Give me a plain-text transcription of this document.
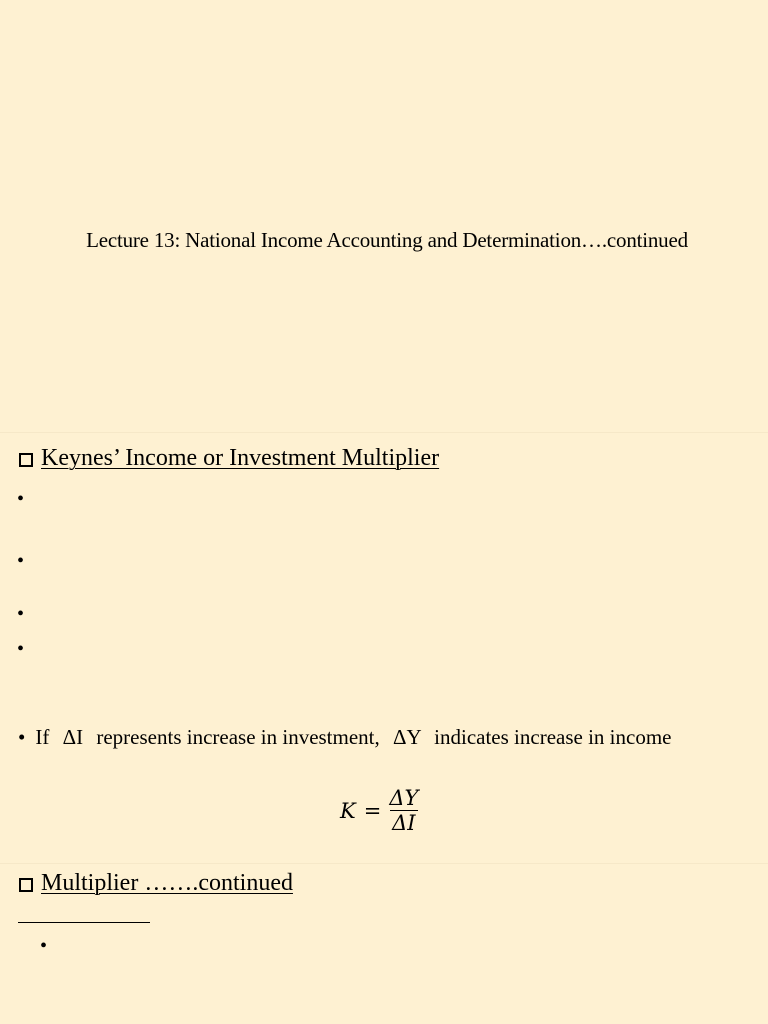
Lecture 13: National Income Accounting and Determination….continued
Keynes’ Income or Investment Multiplier
•
•
•
•
• If ΔI represents increase in investment, ΔY indicates increase in income
$K = \frac{\Delta Y}{\Delta I}$
Multiplier …….continued
•
